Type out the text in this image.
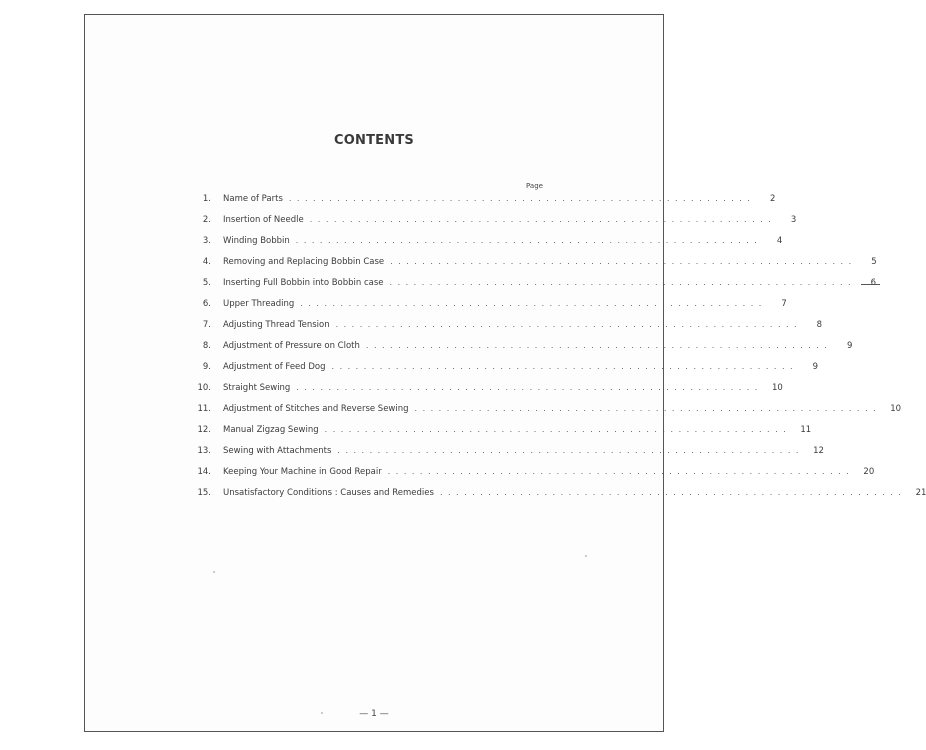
CONTENTS
Page
1. Name of Parts ..........................................................	2
2. Insertion of Needle ..........................................................	3
3. Winding Bobbin ..........................................................	4
4. Removing and Replacing Bobbin Case ..........................................................	5
5. Inserting Full Bobbin into Bobbin case ..........................................................	6
6. Upper Threading ..........................................................	7
7. Adjusting Thread Tension ..........................................................	8
8. Adjustment of Pressure on Cloth ..........................................................	9
9. Adjustment of Feed Dog ..........................................................	9
10. Straight Sewing ..........................................................	10
11. Adjustment of Stitches and Reverse Sewing ..........................................................	10
12. Manual Zigzag Sewing ..........................................................	11
13. Sewing with Attachments ..........................................................	12
14. Keeping Your Machine in Good Repair ..........................................................	20
15. Unsatisfactory Conditions : Causes and Remedies ..........................................................	21
— 1 —
